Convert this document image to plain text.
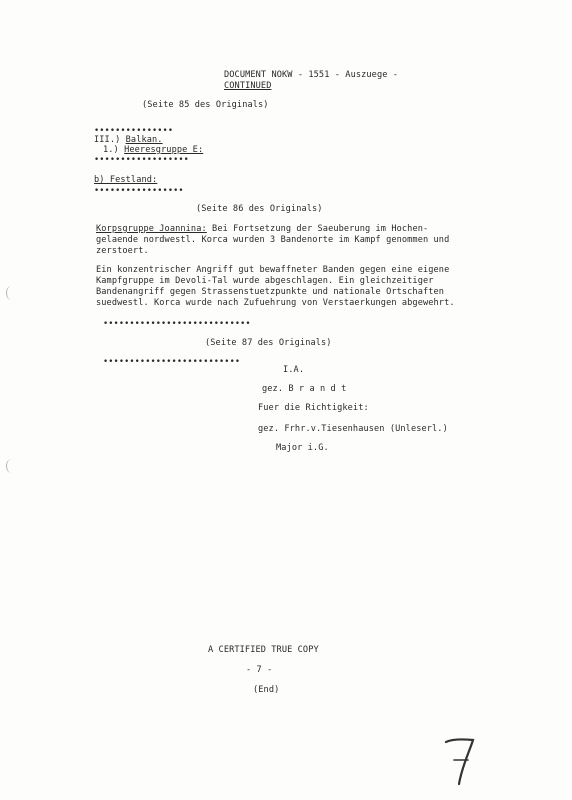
DOCUMENT NOKW - 1551 - Auszuege -
CONTINUED
(Seite 85 des Originals)
•••••••••••••••
III.) Balkan.
1.) Heeresgruppe E:
••••••••••••••••••
b) Festland:
•••••••••••••••••
(Seite 86 des Originals)
Korpsgruppe Joannina: Bei Fortsetzung der Saeuberung im Hochen-
gelaende nordwestl. Korca wurden 3 Bandenorte im Kampf genommen und
zerstoert.
Ein konzentrischer Angriff gut bewaffneter Banden gegen eine eigene
Kampfgruppe im Devoli-Tal wurde abgeschlagen. Ein gleichzeitiger
Bandenangriff gegen Strassenstuetzpunkte und nationale Ortschaften
suedwestl. Korca wurde nach Zufuehrung von Verstaerkungen abgewehrt.
••••••••••••••••••••••••••••
(Seite 87 des Originals)
••••••••••••••••••••••••••
I.A.
gez. B r a n d t
Fuer die Richtigkeit:
gez. Frhr.v.Tiesenhausen (Unleserl.)
Major i.G.
A CERTIFIED TRUE COPY
- 7 -
(End)
